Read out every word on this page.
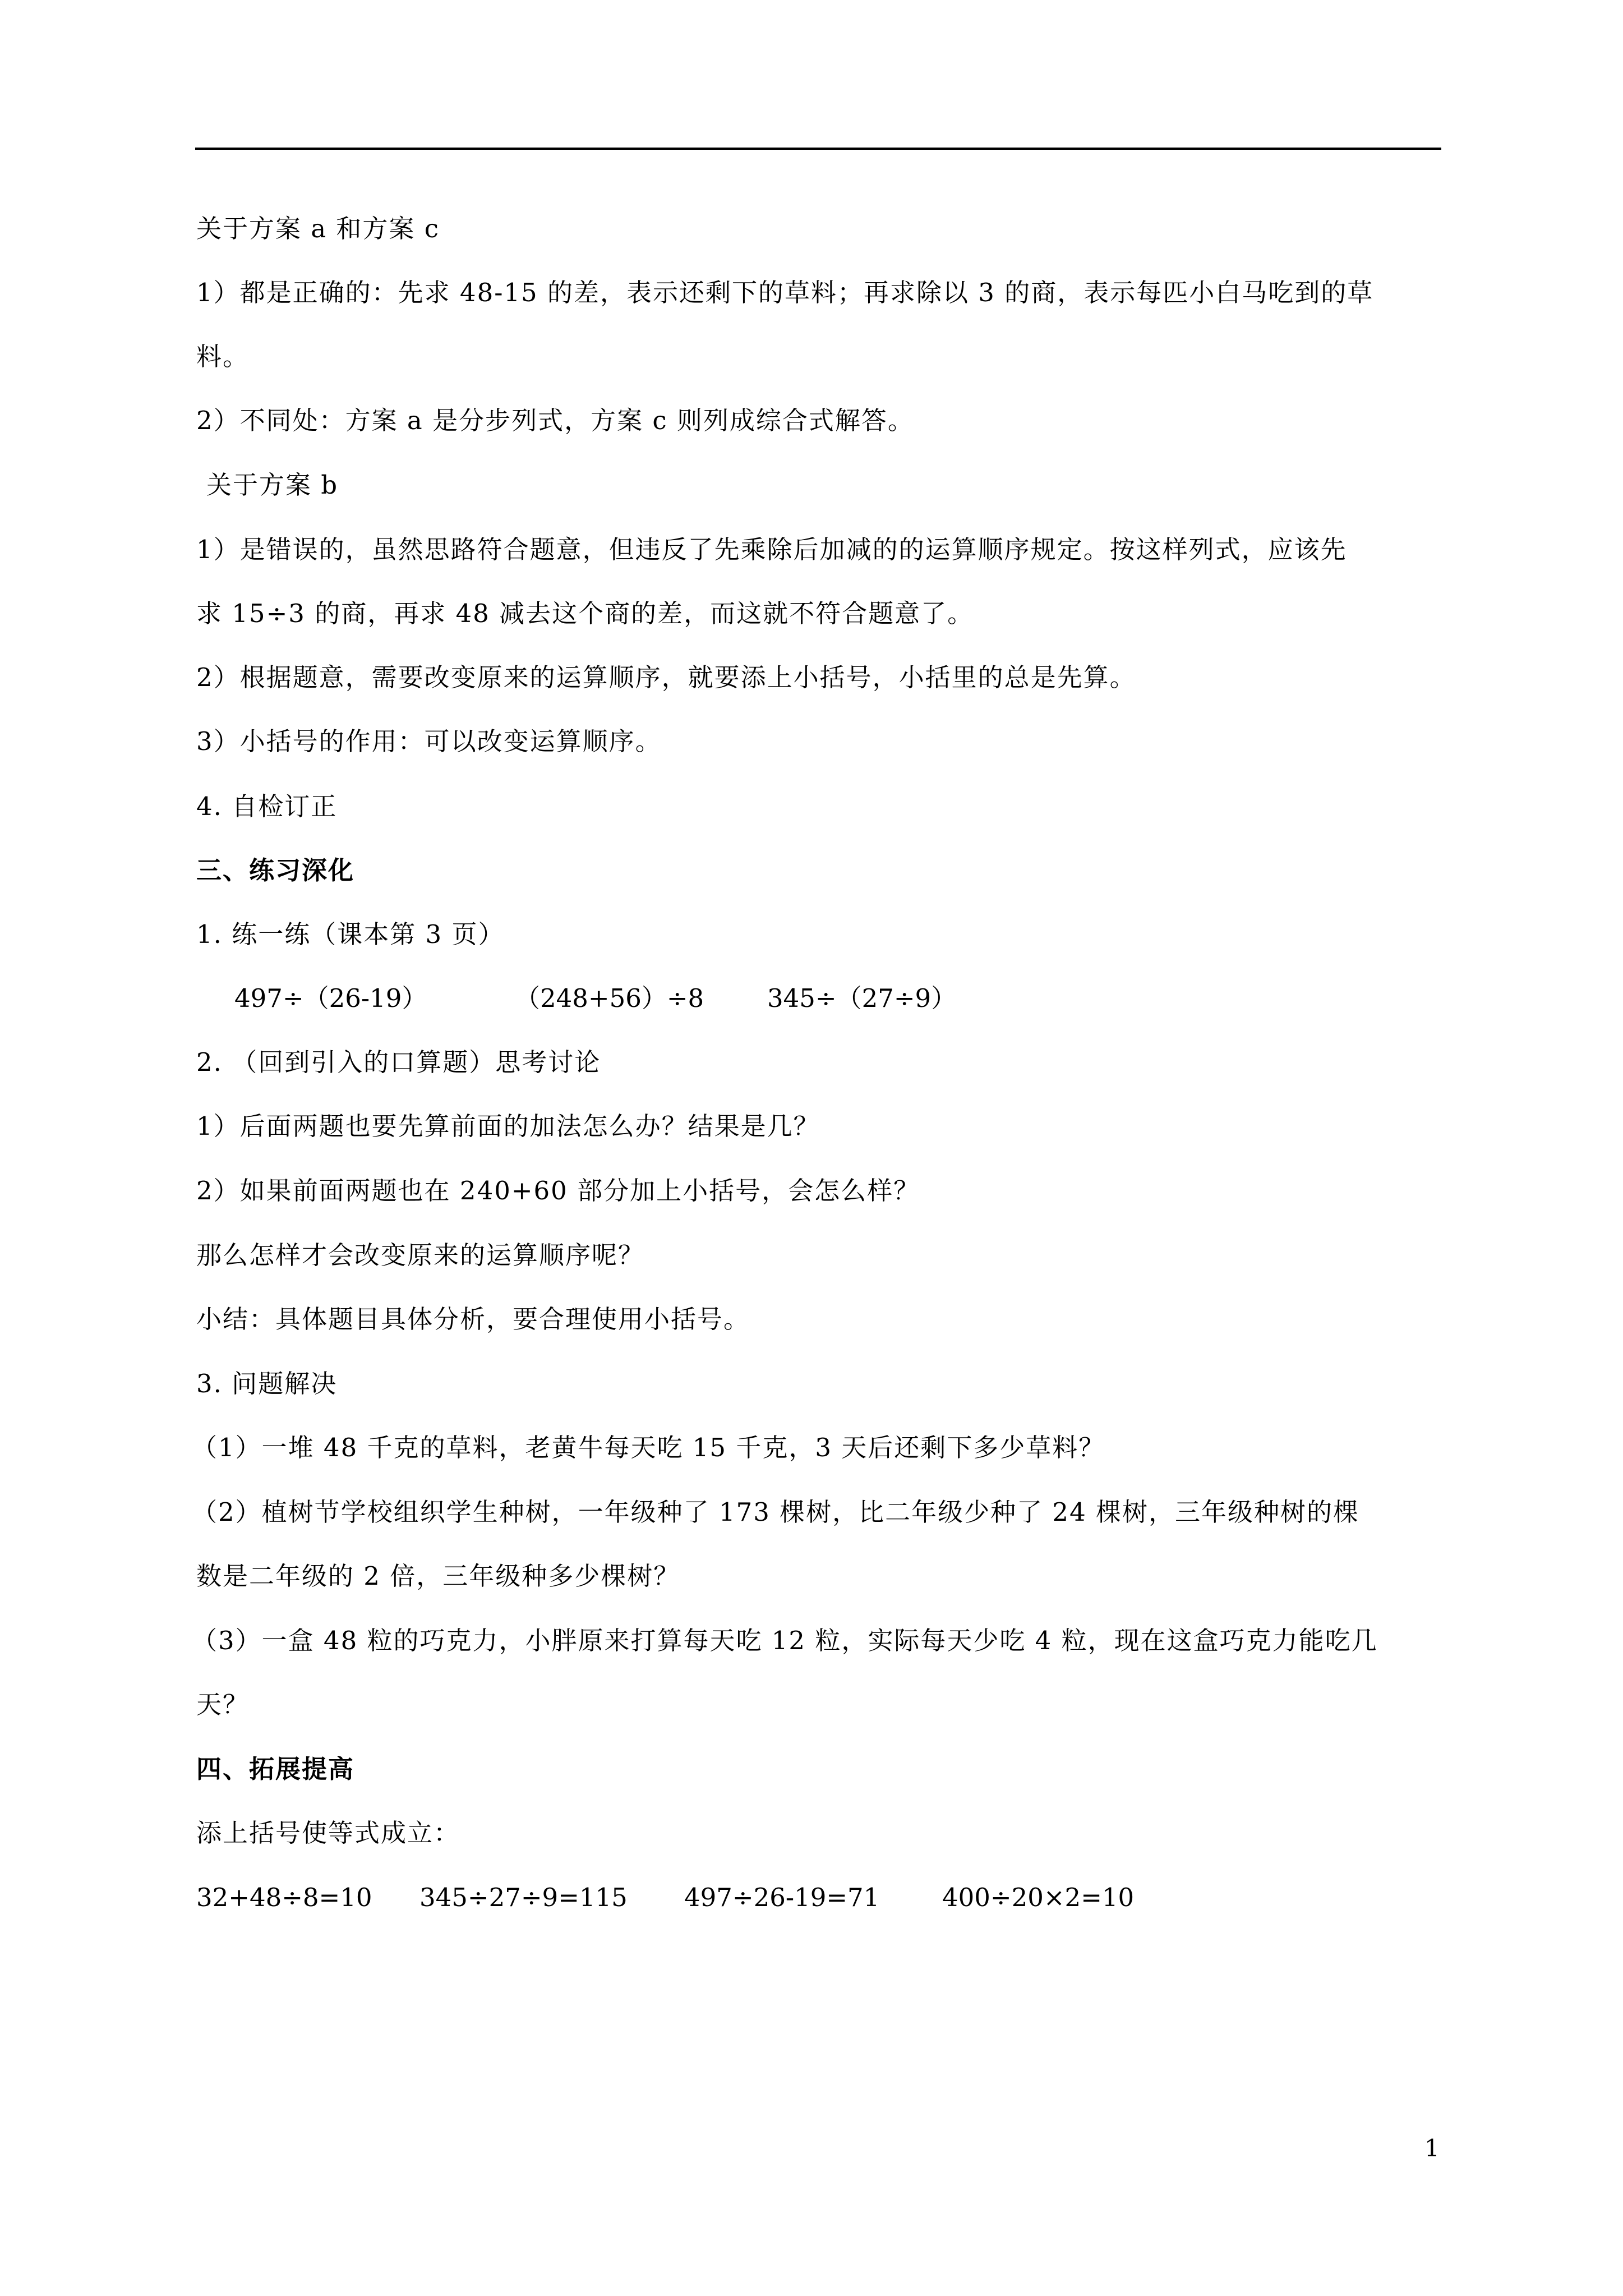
关于方案 a 和方案 c
1）都是正确的：先求 48-15 的差，表示还剩下的草料；再求除以 3 的商，表示每匹小白马吃到的草
料。
2）不同处：方案 a 是分步列式，方案 c 则列成综合式解答。
关于方案 b
1）是错误的，虽然思路符合题意，但违反了先乘除后加减的的运算顺序规定。按这样列式，应该先
求 15÷3 的商，再求 48 减去这个商的差，而这就不符合题意了。
2）根据题意，需要改变原来的运算顺序，就要添上小括号，小括里的总是先算。
3）小括号的作用：可以改变运算顺序。
4. 自检订正
三、练习深化
1. 练一练（课本第 3 页）
497÷（26-19）	（248+56）÷8	345÷（27÷9）
2. （回到引入的口算题）思考讨论
1）后面两题也要先算前面的加法怎么办？结果是几？
2）如果前面两题也在 240+60 部分加上小括号，会怎么样？
那么怎样才会改变原来的运算顺序呢？
小结：具体题目具体分析，要合理使用小括号。
3. 问题解决
（1）一堆 48 千克的草料，老黄牛每天吃 15 千克，3 天后还剩下多少草料？
（2）植树节学校组织学生种树，一年级种了 173 棵树，比二年级少种了 24 棵树，三年级种树的棵
数是二年级的 2 倍，三年级种多少棵树？
（3）一盒 48 粒的巧克力，小胖原来打算每天吃 12 粒，实际每天少吃 4 粒，现在这盒巧克力能吃几
天？
四、拓展提高
添上括号使等式成立：
32+48÷8=10 345÷27÷9=115 497÷26-19=71 400÷20×2=10
1
